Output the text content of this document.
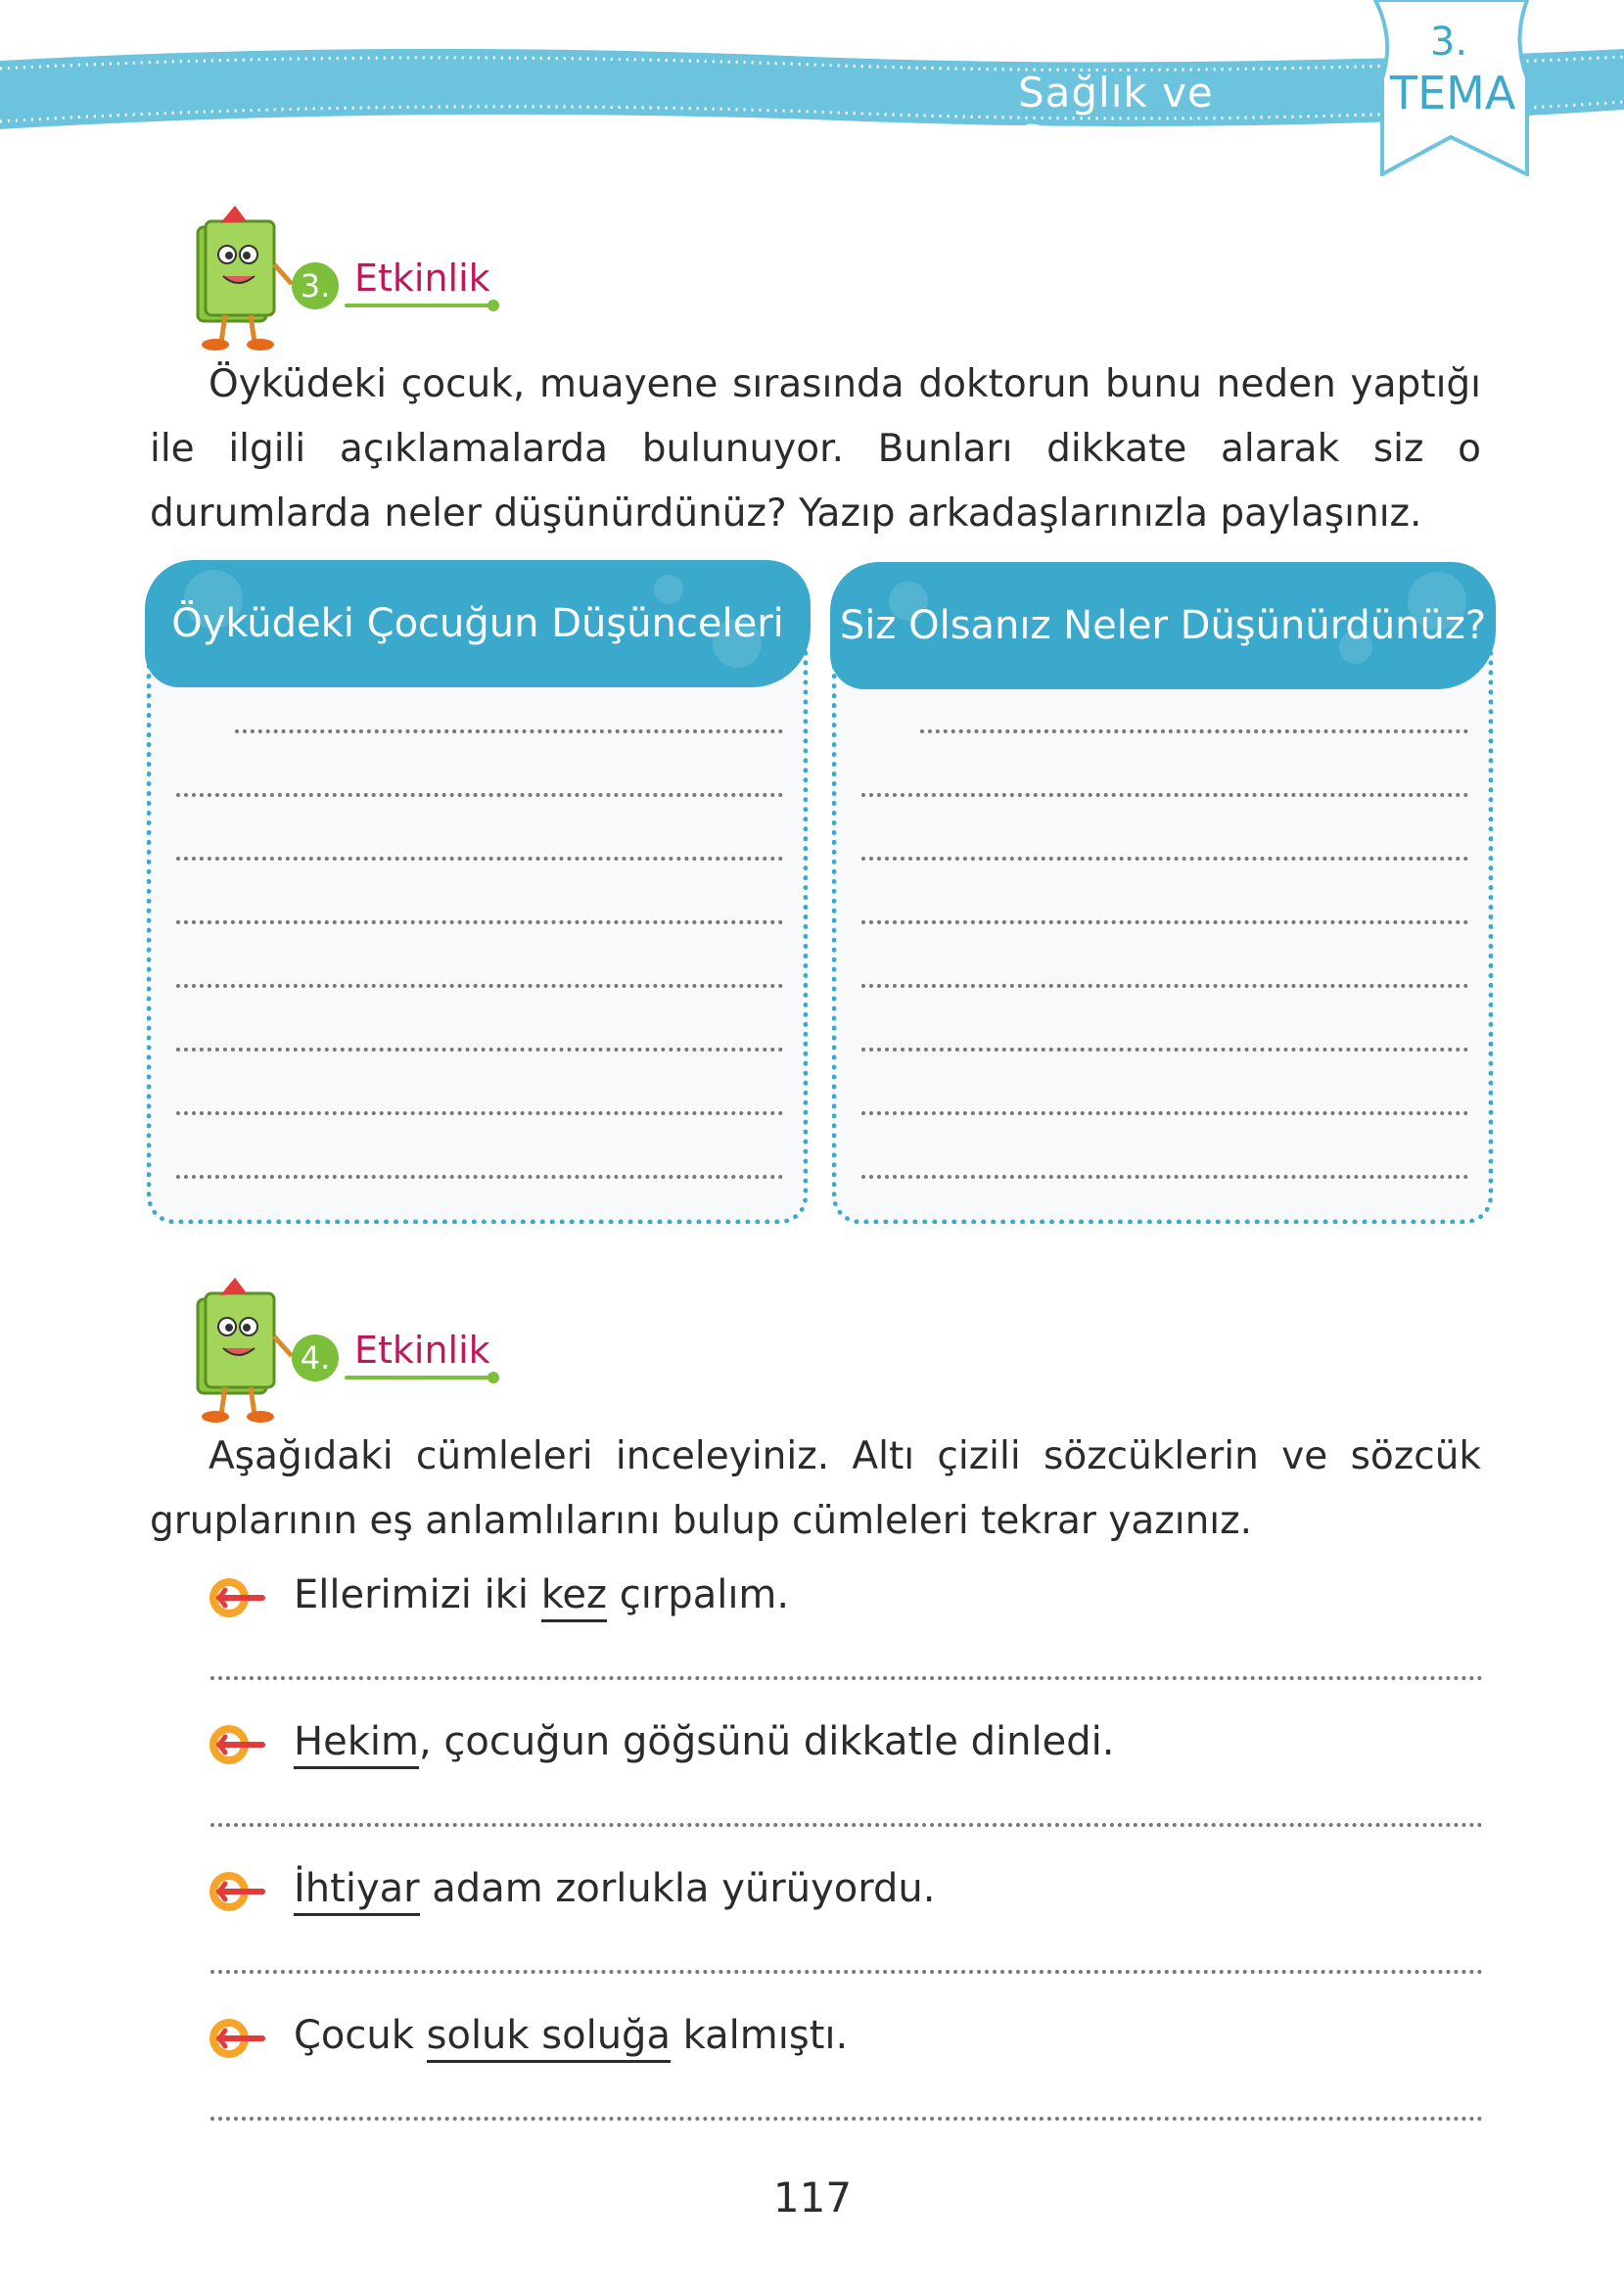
Sağlık ve Spor
3.
TEMA
3. Etkinlik
Öyküdeki çocuk, muayene sırasında doktorun bunu neden yaptığı ile ilgili açıklamalarda bulunuyor. Bunları dikkate alarak siz o durumlarda neler düşünürdünüz? Yazıp arkadaşlarınızla paylaşınız.
Öyküdeki Çocuğun Düşünceleri	Siz Olsanız Neler Düşünürdünüz?
4. Etkinlik
Aşağıdaki cümleleri inceleyiniz. Altı çizili sözcüklerin ve sözcük gruplarının eş anlamlılarını bulup cümleleri tekrar yazınız.
Ellerimizi iki kez çırpalım.
Hekim, çocuğun göğsünü dikkatle dinledi.
İhtiyar adam zorlukla yürüyordu.
Çocuk soluk soluğa kalmıştı.
117
